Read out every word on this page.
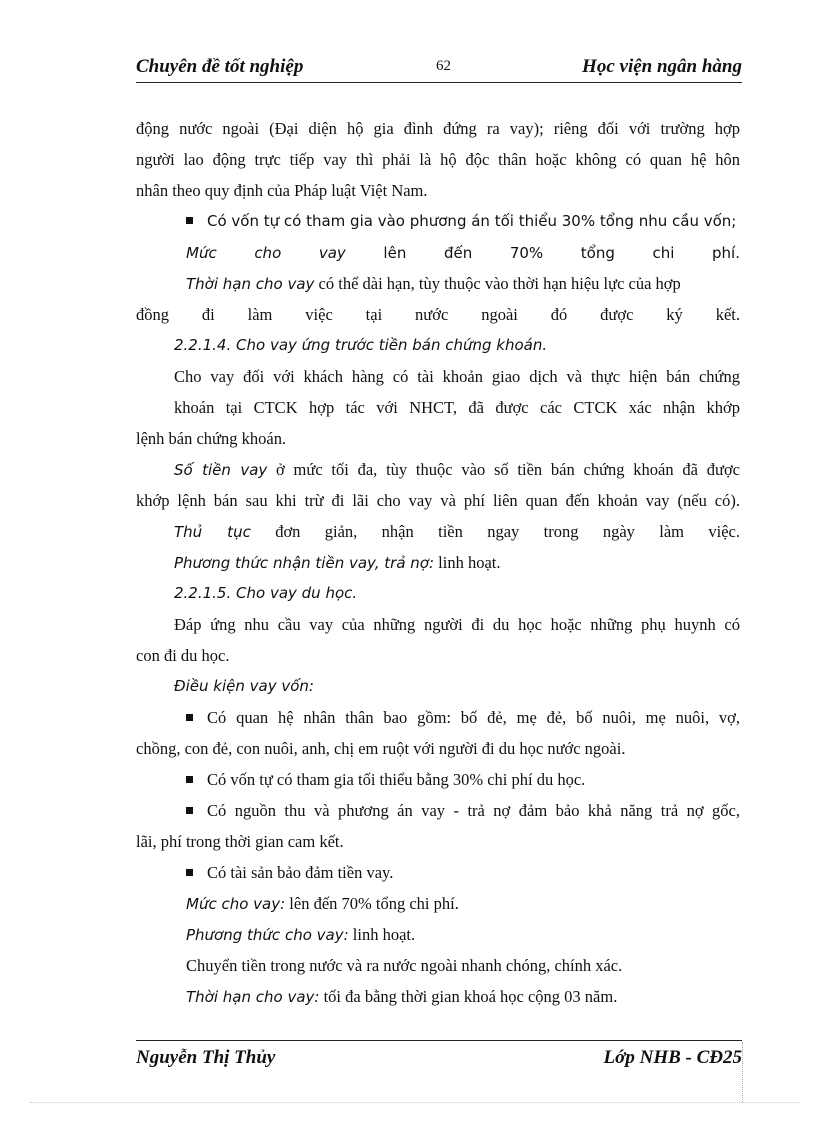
Chuyên đề tốt nghiệp	62	Học viện ngân hàng
động nước ngoài (Đại diện hộ gia đình đứng ra vay); riêng đối với trường hợp
người lao động trực tiếp vay thì phải là hộ độc thân hoặc không có quan hệ hôn
nhân theo quy định của Pháp luật Việt Nam.
Có vốn tự có tham gia vào phương án tối thiểu 30% tổng nhu cầu vốn;
Mức cho vay lên đến 70% tổng chi phí.
Thời hạn cho vay có thể dài hạn, tùy thuộc vào thời hạn hiệu lực của hợp
đồng đi làm việc tại nước ngoài đó được ký kết.
2.2.1.4. Cho vay ứng trước tiền bán chứng khoán.
Cho vay đối với khách hàng có tài khoản giao dịch và thực hiện bán chứng
khoán tại CTCK hợp tác với NHCT, đã được các CTCK xác nhận khớp
lệnh bán chứng khoán.
Số tiền vay ở mức tối đa, tùy thuộc vào số tiền bán chứng khoán đã được
khớp lệnh bán sau khi trừ đi lãi cho vay và phí liên quan đến khoản vay (nếu có).
Thủ tục đơn giản, nhận tiền ngay trong ngày làm việc.
Phương thức nhận tiền vay, trả nợ: linh hoạt.
2.2.1.5. Cho vay du học.
Đáp ứng nhu cầu vay của những người đi du học hoặc những phụ huynh có
con đi du học.
Điều kiện vay vốn:
Có quan hệ nhân thân bao gồm: bố đẻ, mẹ đẻ, bố nuôi, mẹ nuôi, vợ,
chồng, con đẻ, con nuôi, anh, chị em ruột với người đi du học nước ngoài.
Có vốn tự có tham gia tối thiểu bằng 30% chi phí du học.
Có nguồn thu và phương án vay - trả nợ đảm bảo khả năng trả nợ gốc,
lãi, phí trong thời gian cam kết.
Có tài sản bảo đảm tiền vay.
Mức cho vay: lên đến 70% tổng chi phí.
Phương thức cho vay: linh hoạt.
Chuyển tiền trong nước và ra nước ngoài nhanh chóng, chính xác.
Thời hạn cho vay: tối đa bằng thời gian khoá học cộng 03 năm.
Nguyễn Thị Thủy	Lớp NHB - CĐ25
